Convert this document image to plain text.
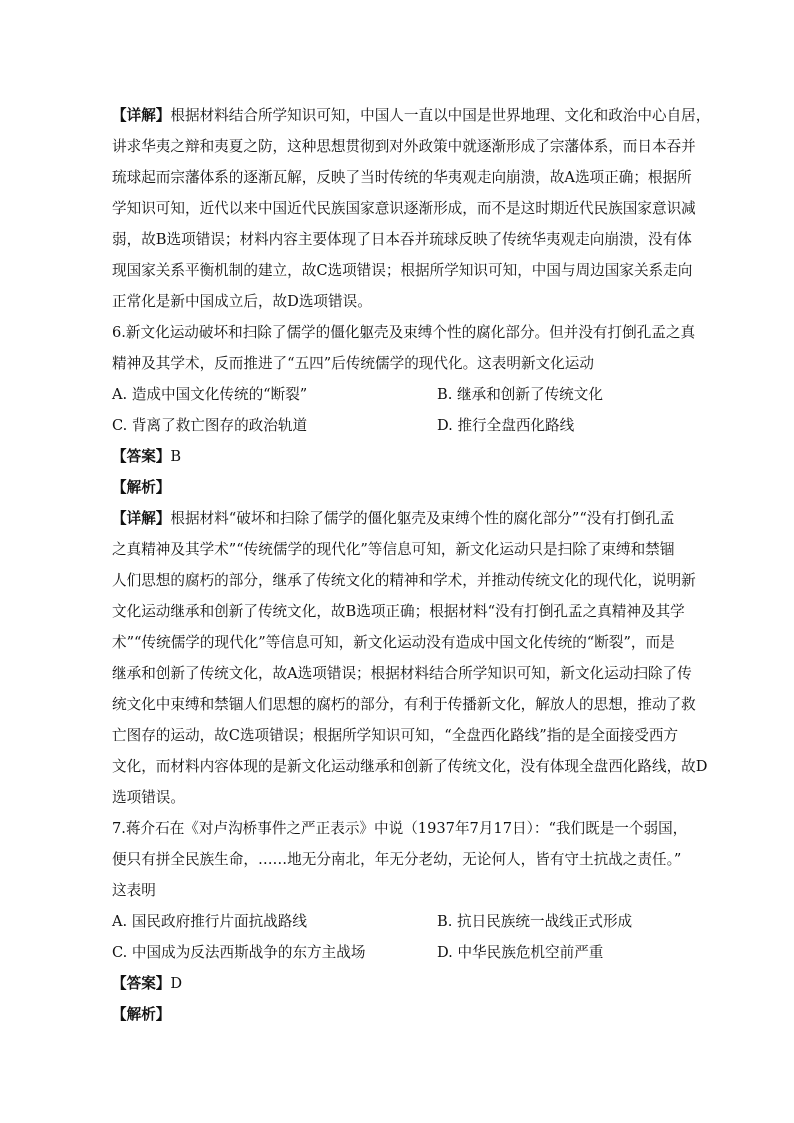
【详解】根据材料结合所学知识可知，中国人一直以中国是世界地理、文化和政治中心自居，
讲求华夷之辩和夷夏之防，这种思想贯彻到对外政策中就逐渐形成了宗藩体系，而日本吞并
琉球起而宗藩体系的逐渐瓦解，反映了当时传统的华夷观走向崩溃，故A选项正确；根据所
学知识可知，近代以来中国近代民族国家意识逐渐形成，而不是这时期近代民族国家意识减
弱，故B选项错误；材料内容主要体现了日本吞并琉球反映了传统华夷观走向崩溃，没有体
现国家关系平衡机制的建立，故C选项错误；根据所学知识可知，中国与周边国家关系走向
正常化是新中国成立后，故D选项错误。
6.新文化运动破坏和扫除了儒学的僵化躯壳及束缚个性的腐化部分。但并没有打倒孔孟之真
精神及其学术，反而推进了“五四”后传统儒学的现代化。这表明新文化运动
A. 造成中国文化传统的“断裂”	B. 继承和创新了传统文化
C. 背离了救亡图存的政治轨道	D. 推行全盘西化路线
【答案】B
【解析】
【详解】根据材料“破坏和扫除了儒学的僵化躯壳及束缚个性的腐化部分”“没有打倒孔孟
之真精神及其学术”“传统儒学的现代化”等信息可知，新文化运动只是扫除了束缚和禁锢
人们思想的腐朽的部分，继承了传统文化的精神和学术，并推动传统文化的现代化，说明新
文化运动继承和创新了传统文化，故B选项正确；根据材料“没有打倒孔孟之真精神及其学
术”“传统儒学的现代化”等信息可知，新文化运动没有造成中国文化传统的“断裂”，而是
继承和创新了传统文化，故A选项错误；根据材料结合所学知识可知，新文化运动扫除了传
统文化中束缚和禁锢人们思想的腐朽的部分，有利于传播新文化，解放人的思想，推动了救
亡图存的运动，故C选项错误；根据所学知识可知，“全盘西化路线”指的是全面接受西方
文化，而材料内容体现的是新文化运动继承和创新了传统文化，没有体现全盘西化路线，故D
选项错误。
7.蒋介石在《对卢沟桥事件之严正表示》中说（1937年7月17日）：“我们既是一个弱国，
便只有拼全民族生命，……地无分南北，年无分老幼，无论何人，皆有守土抗战之责任。”
这表明
A. 国民政府推行片面抗战路线	B. 抗日民族统一战线正式形成
C. 中国成为反法西斯战争的东方主战场	D. 中华民族危机空前严重
【答案】D
【解析】
